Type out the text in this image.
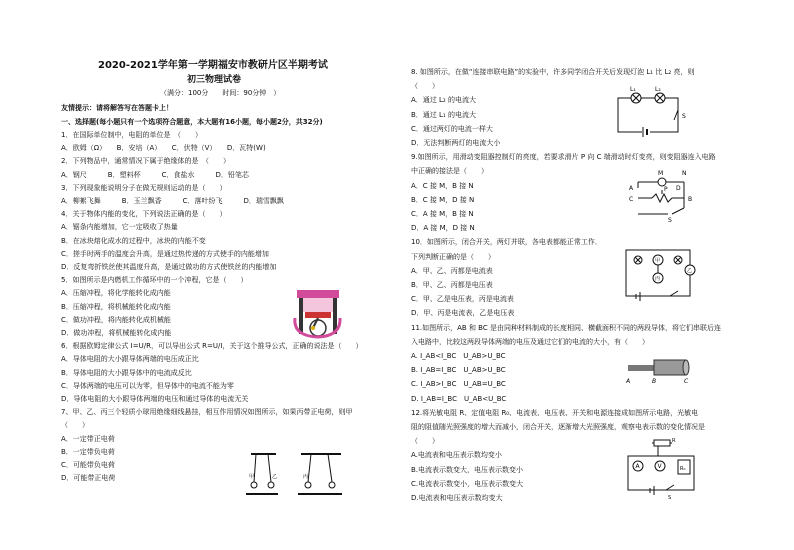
2020-2021学年第一学期福安市教研片区半期考试
初三物理试卷
（满分：100分　　时间：90分钟　）
友情提示：请将解答写在答题卡上！
一、选择题(每小题只有一个选项符合题意，本大题有16小题，每小题2分，共32分)
1．在国际单位制中，电阻的单位是　（　　）
A．欧姆（Ω）　　B．安培（A）　　C．伏特（V）　　D．瓦特(W)
2．下列物品中，通常情况下属于绝缘体的是　（　　）
A．钢尺　　　B．塑料杯　　　C．食盐水　　　D．铅笔芯
3．下列现象能说明分子在做无规则运动的是（　　）
A．柳絮飞舞　　　B．玉兰飘香　　　C．落叶纷飞　　　D．瑞雪飘飘
4．关于物体内能的变化，下列说法正确的是（　　）
A．锯条内能增加，它一定吸收了热量
B．在冰块熔化成水的过程中，冰块的内能不变
C．搓手时两手的温度会升高，是通过热传递的方式使手的内能增加
D．反复弯折铁丝使其温度升高，是通过做功的方式使铁丝的内能增加
5．如图所示是内燃机工作循环中的一个冲程，它是（　　）
A．压缩冲程，将化学能转化成内能
B．压缩冲程，将机械能转化成内能
C．做功冲程，将内能转化成机械能
D．做功冲程，将机械能转化成内能
6．根据欧姆定律公式 I=U/R，可以导出公式 R=U/I，关于这个推导公式，正确的说法是（　　）
A．导体电阻的大小跟导体两端的电压成正比
B．导体电阻的大小跟导体中的电流成反比
C．导体两端的电压可以为零，但导体中的电流不能为零
D．导体电阻的大小跟导体两端的电压和通过导体的电流无关
7、甲、乙、丙三个轻质小球用绝缘细线悬挂，相互作用情况如图所示，如果丙带正电荷，则甲
（　　）
A．一定带正电荷
B．一定带负电荷
C．可能带负电荷
D．可能带正电荷
8. 如图所示，在做“连接串联电路”的实验中，许多同学闭合开关后发现灯泡 L₁ 比 L₂ 亮，则
（　　）
A．通过 L₂ 的电流大
B．通过 L₁ 的电流大
C．通过两灯的电流一样大
D．无法判断两灯的电流大小
9.如图所示，用滑动变阻器控制灯的亮度，若要求滑片 P 向 C 端滑动时灯变亮，则变阻器连入电路
中正确的接法是（　　）
A．C 接 M，B 接 N
B．C 接 M，D 接 N
C．A 接 M，B 接 N
D．A 接 M，D 接 N
10．如图所示，闭合开关，两灯并联，各电表都能正常工作．
下列判断正确的是（　　）
A．甲、乙、丙都是电流表
B．甲、乙、丙都是电压表
C．甲、乙是电压表，丙是电流表
D．甲、丙是电流表，乙是电压表
11.如图所示，AB 和 BC 是由同种材料制成的长度相同、横截面积不同的两段导体，将它们串联后连
入电路中，比较这两段导体两端的电压及通过它们的电流的大小，有（　　）
A. I_AB<I_BC　U_AB>U_BC
B. I_AB=I_BC　U_AB>U_BC
C. I_AB>I_BC　U_AB=U_BC
D. I_AB=I_BC　U_AB<U_BC
12.将光敏电阻 R、定值电阻 R₀、电流表、电压表、开关和电源连接成如图所示电路，光敏电
阻的阻值随光照强度的增大而减小，闭合开关，逐渐增大光照强度，观察电表示数的变化情况是
（　　）
A.电流表和电压表示数均变小
B.电流表示数变大，电压表示数变小
C.电流表示数变小，电压表示数变大
D.电流表和电压表示数均变大
甲	乙	丙
L₁	L₂
S
A
B
C
D
M	N
P
S
甲
丙
乙
A	B	C
R
A	V	R₀
S
